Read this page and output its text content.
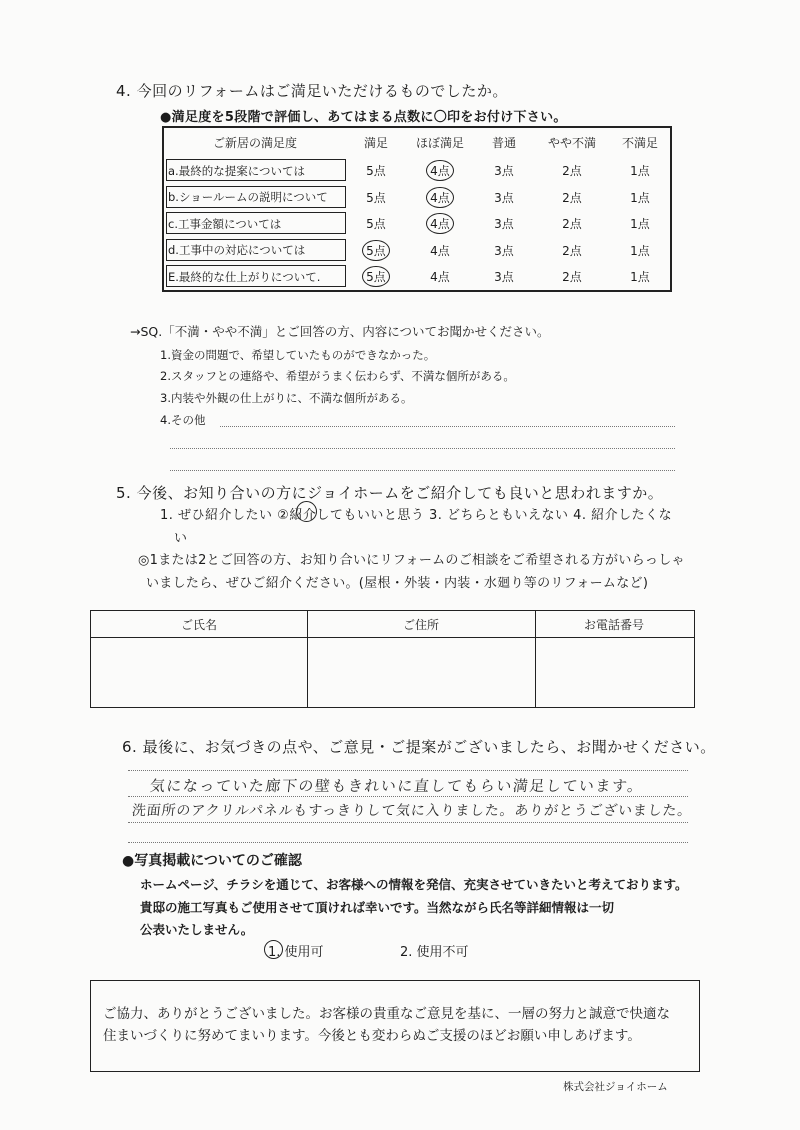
4. 今回のリフォームはご満足いただけるものでしたか。
●満足度を5段階で評価し、あてはまる点数に〇印をお付け下さい。
ご新居の満足度	満足	ほぼ満足	普通	やや不満	不満足
a.最終的な提案については	5点	4点	3点	2点	1点
b.ショールームの説明について	5点	4点	3点	2点	1点
c.工事金額については	5点	4点	3点	2点	1点
d.工事中の対応については	5点	4点	3点	2点	1点
E.最終的な仕上がりについて.	5点	4点	3点	2点	1点
→SQ.「不満・やや不満」とご回答の方、内容についてお聞かせください。
1.資金の問題で、希望していたものができなかった。
2.スタッフとの連絡や、希望がうまく伝わらず、不満な個所がある。
3.内装や外観の仕上がりに、不満な個所がある。
4.その他
5. 今後、お知り合いの方にジョイホームをご紹介しても良いと思われますか。
1. ぜひ紹介したい ②紹介してもいいと思う 3. どちらともいえない 4. 紹介したくな
い
◎1または2とご回答の方、お知り合いにリフォームのご相談をご希望される方がいらっしゃ
いましたら、ぜひご紹介ください。(屋根・外装・内装・水廻り等のリフォームなど)
ご氏名	ご住所	お電話番号
6. 最後に、お気づきの点や、ご意見・ご提案がございましたら、お聞かせください。
気になっていた廊下の壁もきれいに直してもらい満足しています。
洗面所のアクリルパネルもすっきりして気に入りました。ありがとうございました。
●写真掲載についてのご確認
ホームページ、チラシを通じて、お客様への情報を発信、充実させていきたいと考えております。
貴邸の施工写真もご使用させて頂ければ幸いです。当然ながら氏名等詳細情報は一切
公表いたしません。
1. 使用可	2. 使用不可
ご協力、ありがとうございました。お客様の貴重なご意見を基に、一層の努力と誠意で快適な
住まいづくりに努めてまいります。今後とも変わらぬご支援のほどお願い申しあげます。
株式会社ジョイホーム
